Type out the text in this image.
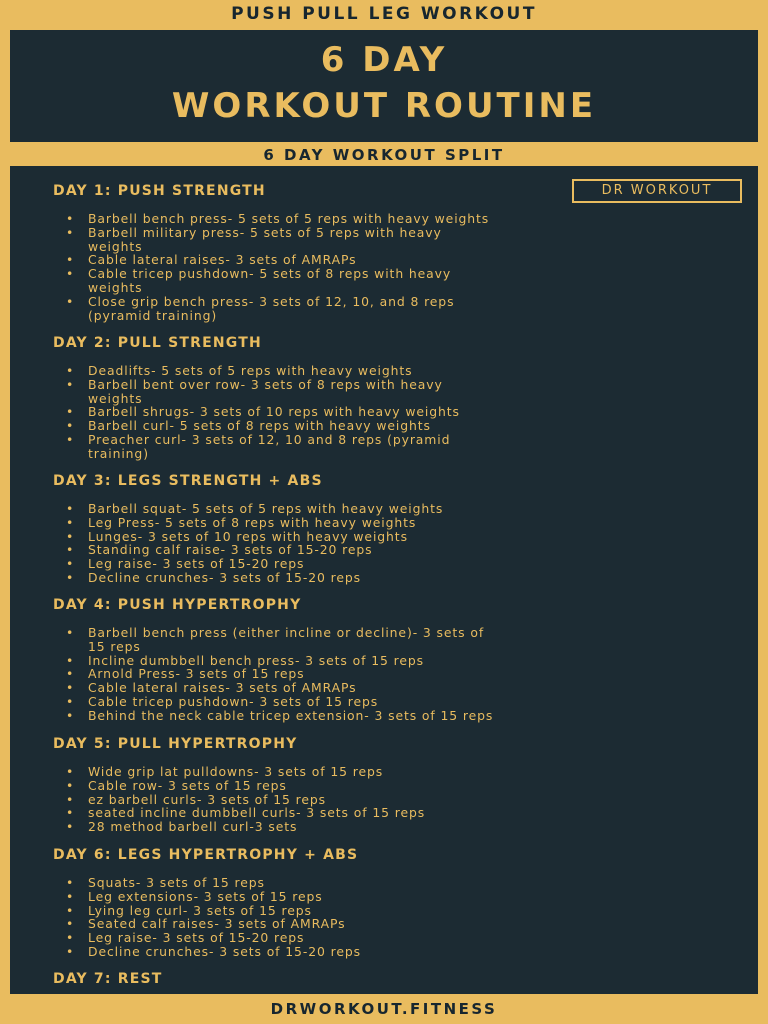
PUSH PULL LEG WORKOUT
6 DAY
WORKOUT ROUTINE
6 DAY WORKOUT SPLIT
DR WORKOUT
DAY 1: PUSH STRENGTH
• Barbell bench press- 5 sets of 5 reps with heavy weights
• Barbell military press- 5 sets of 5 reps with heavy
weights
• Cable lateral raises- 3 sets of AMRAPs
• Cable tricep pushdown- 5 sets of 8 reps with heavy
weights
• Close grip bench press- 3 sets of 12, 10, and 8 reps
(pyramid training)
DAY 2: PULL STRENGTH
• Deadlifts- 5 sets of 5 reps with heavy weights
• Barbell bent over row- 3 sets of 8 reps with heavy
weights
• Barbell shrugs- 3 sets of 10 reps with heavy weights
• Barbell curl- 5 sets of 8 reps with heavy weights
• Preacher curl- 3 sets of 12, 10 and 8 reps (pyramid
training)
DAY 3: LEGS STRENGTH + ABS
• Barbell squat- 5 sets of 5 reps with heavy weights
• Leg Press- 5 sets of 8 reps with heavy weights
• Lunges- 3 sets of 10 reps with heavy weights
• Standing calf raise- 3 sets of 15-20 reps
• Leg raise- 3 sets of 15-20 reps
• Decline crunches- 3 sets of 15-20 reps
DAY 4: PUSH HYPERTROPHY
• Barbell bench press (either incline or decline)- 3 sets of
15 reps
• Incline dumbbell bench press- 3 sets of 15 reps
• Arnold Press- 3 sets of 15 reps
• Cable lateral raises- 3 sets of AMRAPs
• Cable tricep pushdown- 3 sets of 15 reps
• Behind the neck cable tricep extension- 3 sets of 15 reps
DAY 5: PULL HYPERTROPHY
• Wide grip lat pulldowns- 3 sets of 15 reps
• Cable row- 3 sets of 15 reps
• ez barbell curls- 3 sets of 15 reps
• seated incline dumbbell curls- 3 sets of 15 reps
• 28 method barbell curl-3 sets
DAY 6: LEGS HYPERTROPHY + ABS
• Squats- 3 sets of 15 reps
• Leg extensions- 3 sets of 15 reps
• Lying leg curl- 3 sets of 15 reps
• Seated calf raises- 3 sets of AMRAPs
• Leg raise- 3 sets of 15-20 reps
• Decline crunches- 3 sets of 15-20 reps
DAY 7: REST
DRWORKOUT.FITNESS
